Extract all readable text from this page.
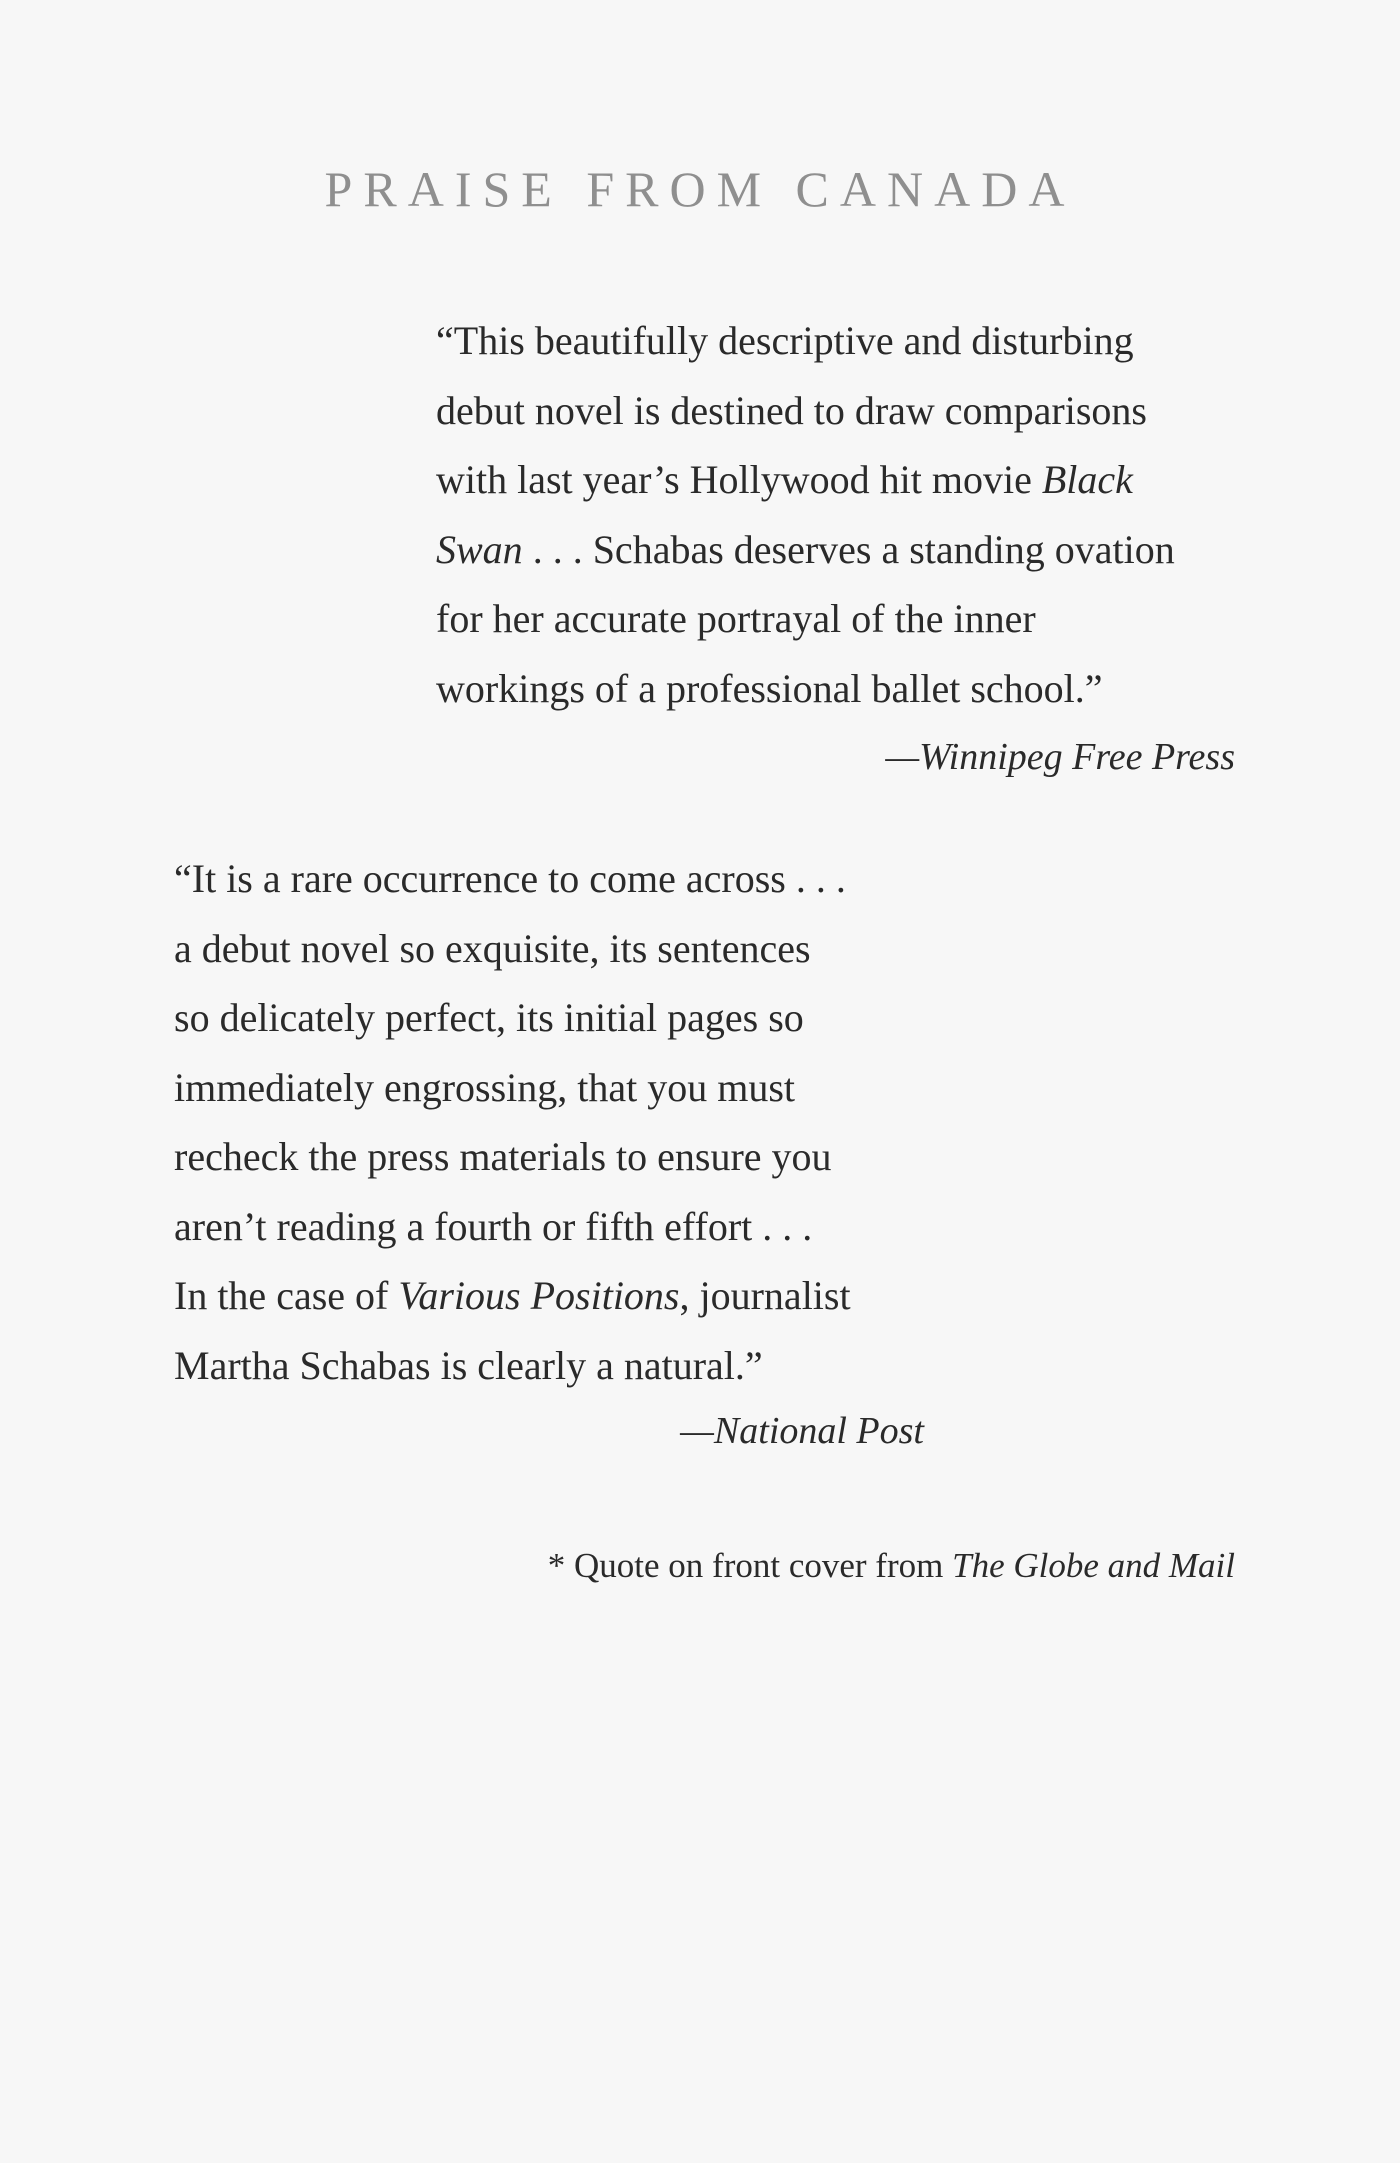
PRAISE FROM CANADA

“This beautifully descriptive and disturbing
debut novel is destined to draw comparisons
with last year’s Hollywood hit movie Black
Swan . . . Schabas deserves a standing ovation
for her accurate portrayal of the inner
workings of a professional ballet school.”

—Winnipeg Free Press

“It is a rare occurrence to come across . . .
a debut novel so exquisite, its sentences
so delicately perfect, its initial pages so
immediately engrossing, that you must
recheck the press materials to ensure you
aren’t reading a fourth or fifth effort . . .
In the case of Various Positions, journalist
Martha Schabas is clearly a natural.”

—National Post
* Quote on front cover from The Globe and Mail
